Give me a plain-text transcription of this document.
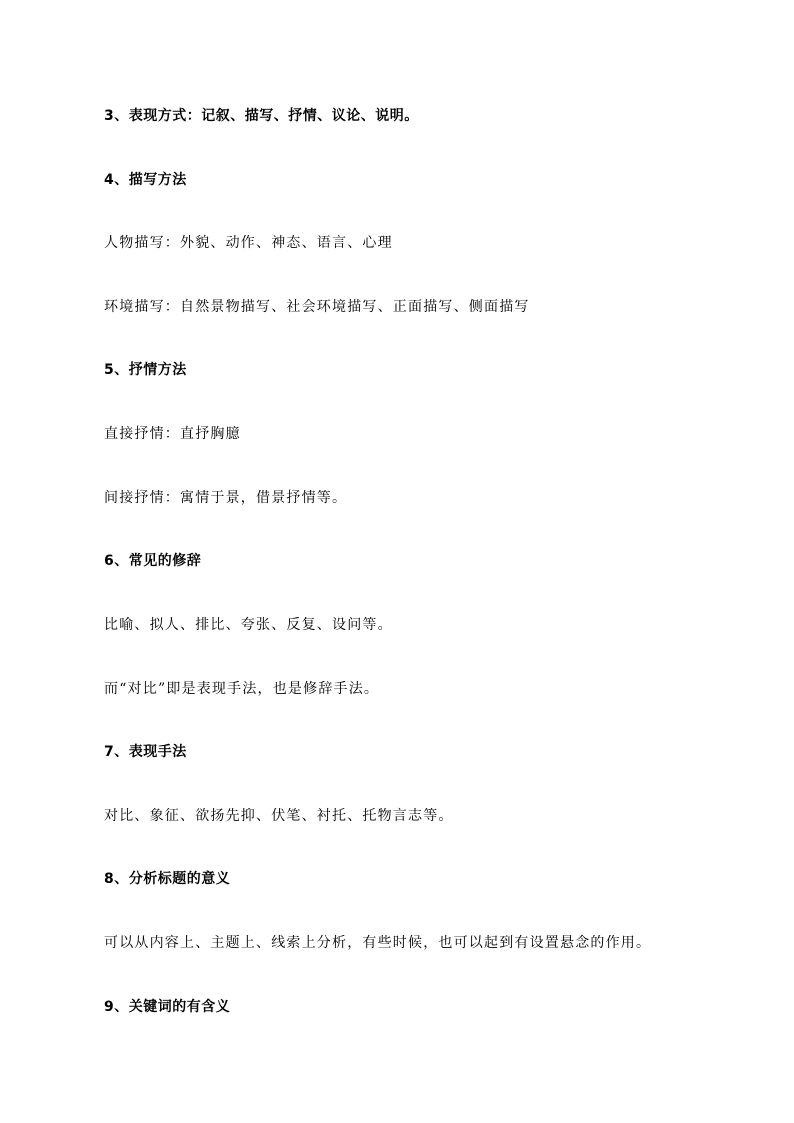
3、表现方式：记叙、描写、抒情、议论、说明。

4、描写方法

人物描写：外貌、动作、神态、语言、心理

环境描写：自然景物描写、社会环境描写、正面描写、侧面描写

5、抒情方法

直接抒情：直抒胸臆

间接抒情：寓情于景，借景抒情等。

6、常见的修辞

比喻、拟人、排比、夸张、反复、设问等。

而“对比”即是表现手法，也是修辞手法。

7、表现手法

对比、象征、欲扬先抑、伏笔、衬托、托物言志等。

8、分析标题的意义

可以从内容上、主题上、线索上分析，有些时候，也可以起到有设置悬念的作用。

9、关键词的有含义
